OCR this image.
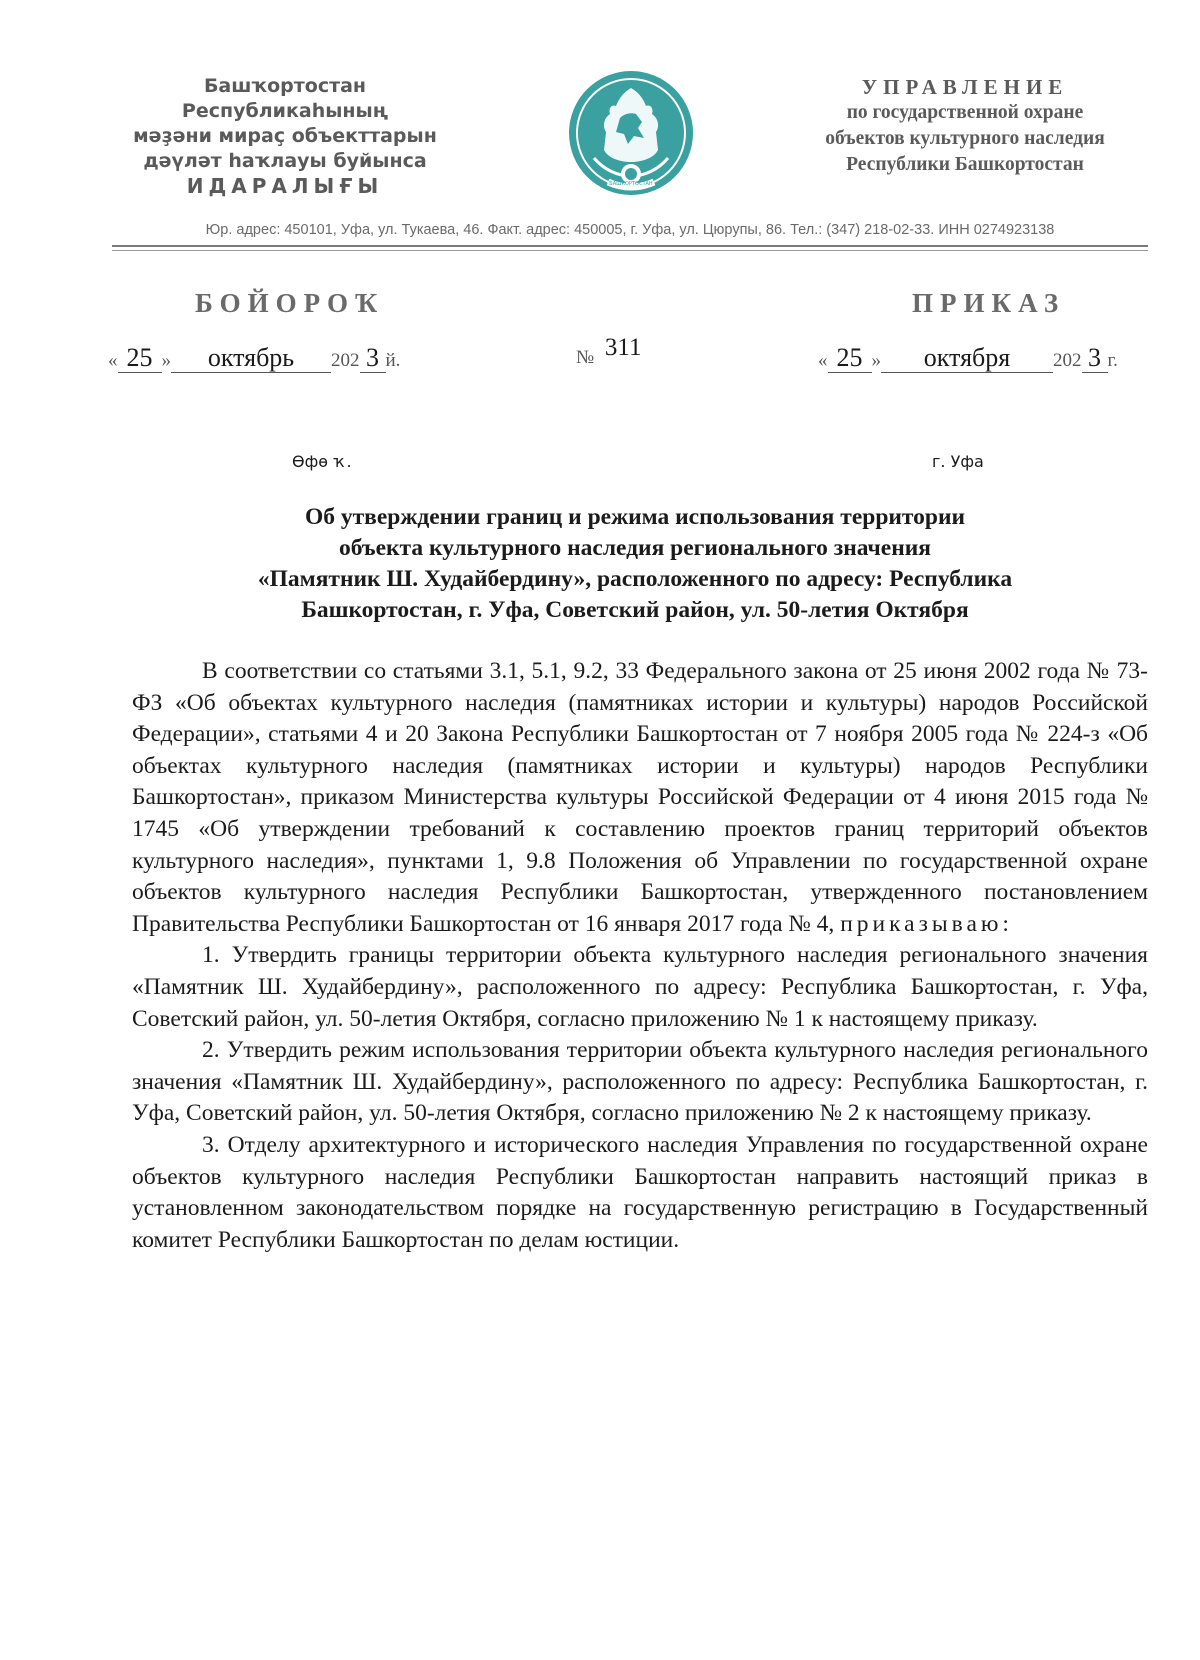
Башҡортостан Республикаһының
мәҙәни мираҫ объекттарын
дәүләт һаҡлауы буйынса
ИДАРАЛЫҒЫ	БАШКОРТОСТАН
УПРАВЛЕНИЕ
по государственной охране
объектов культурного наследия
Республики Башкортостан
Юр. адрес: 450101, Уфа, ул. Тукаева, 46. Факт. адрес: 450005, г. Уфа, ул. Цюрупы, 86. Тел.: (347) 218-02-33. ИНН 0274923138
БОЙОРОҠ	ПРИКАЗ
« 25 » октябрь 202 3 й.	№ 311	« 25 » октября 202 3 г.
Өфө ҡ.	г. Уфа
Об утверждении границ и режима использования территории
объекта культурного наследия регионального значения
«Памятник Ш. Худайбердину», расположенного по адресу: Республика
Башкортостан, г. Уфа, Советский район, ул. 50-летия Октября

В соответствии со статьями 3.1, 5.1, 9.2, 33 Федерального закона от 25 июня 2002 года № 73-ФЗ «Об объектах культурного наследия (памятниках истории и культуры) народов Российской Федерации», статьями 4 и 20 Закона Республики Башкортостан от 7 ноября 2005 года № 224-з «Об объектах культурного наследия (памятниках истории и культуры) народов Республики Башкортостан», приказом Министерства культуры Российской Федерации от 4 июня 2015 года № 1745 «Об утверждении требований к составлению проектов границ территорий объектов культурного наследия», пунктами 1, 9.8 Положения об Управлении по государственной охране объектов культурного наследия Республики Башкортостан, утвержденного постановлением Правительства Республики Башкортостан от 16 января 2017 года № 4, приказываю:

1. Утвердить границы территории объекта культурного наследия регионального значения «Памятник Ш. Худайбердину», расположенного по адресу: Республика Башкортостан, г. Уфа, Советский район, ул. 50-летия Октября, согласно приложению № 1 к настоящему приказу.

2. Утвердить режим использования территории объекта культурного наследия регионального значения «Памятник Ш. Худайбердину», расположенного по адресу: Республика Башкортостан, г. Уфа, Советский район, ул. 50-летия Октября, согласно приложению № 2 к настоящему приказу.

3. Отделу архитектурного и исторического наследия Управления по государственной охране объектов культурного наследия Республики Башкортостан направить настоящий приказ в установленном законодательством порядке на государственную регистрацию в Государственный комитет Республики Башкортостан по делам юстиции.
